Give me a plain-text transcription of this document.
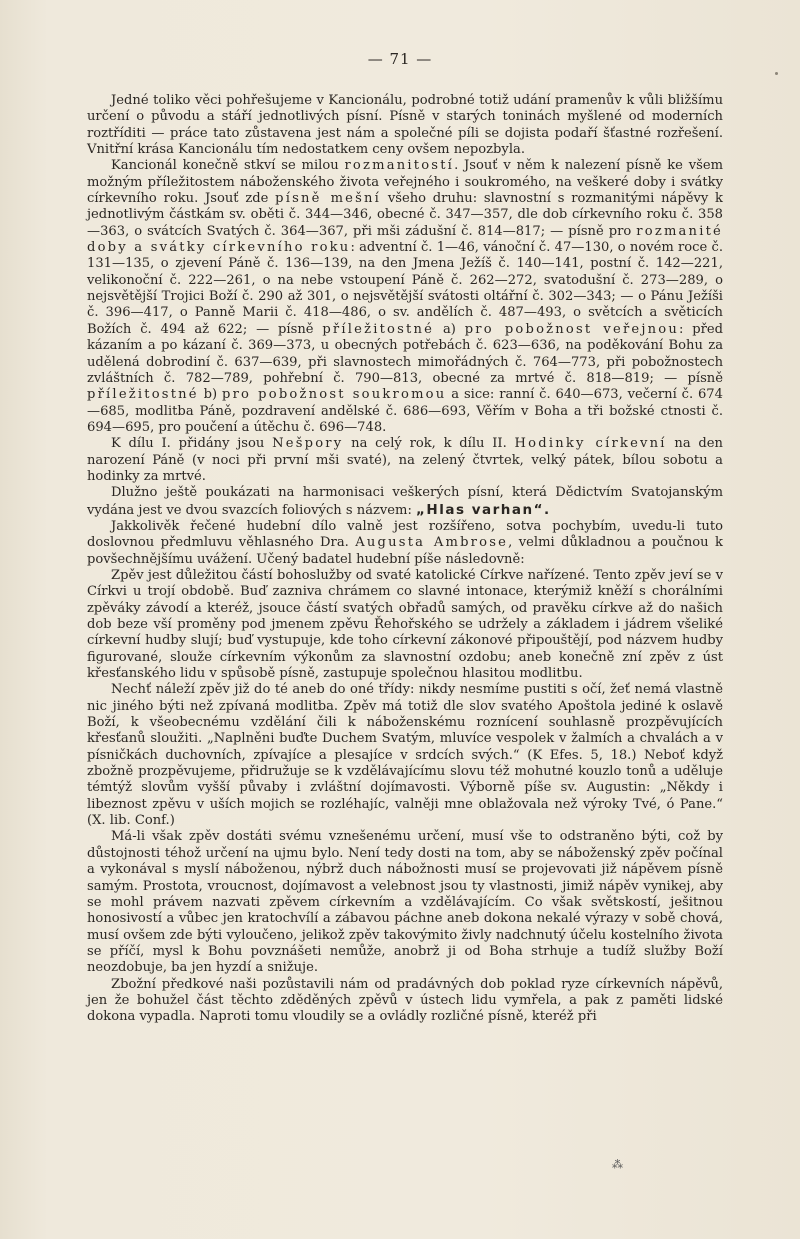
— 71 —

Jedné toliko věci pohřešujeme v Kancionálu, podrobné totiž udání pramenův k vůli bližšímu určení o původu a stáří jednotlivých písní. Písně v starých toninách myšlené od moderních roztříditi — práce tato zůstavena jest nám a společné píli se dojista podaří šťastné rozřešení. Vnitřní krása Kancionálu tím nedostatkem ceny ovšem nepozbyla.

Kancionál konečně stkví se milou rozmanitostí. Jsouť v něm k nalezení písně ke všem možným příležitostem náboženského života veřejného i soukromého, na veškeré doby i svátky církevního roku. Jsouť zde písně mešní všeho druhu: slavnostní s rozmanitými nápěvy k jednotlivým částkám sv. oběti č. 344—346, obecné č. 347—357, dle dob církevního roku č. 358—363, o svátcích Svatých č. 364—367, při mši zádušní č. 814—817; — písně pro rozmanité doby a svátky církevního roku: adventní č. 1—46, vánoční č. 47—130, o novém roce č. 131—135, o zjevení Páně č. 136—139, na den Jmena Ježíš č. 140—141, postní č. 142—221, velikonoční č. 222—261, o na nebe vstoupení Páně č. 262—272, svatodušní č. 273—289, o nejsvětější Trojici Boží č. 290 až 301, o nejsvětější svátosti oltářní č. 302—343; — o Pánu Ježíši č. 396—417, o Panně Marii č. 418—486, o sv. andělích č. 487—493, o světcích a světicích Božích č. 494 až 622; — písně příležitostné a) pro pobožnost veřejnou: před kázaním a po kázaní č. 369—373, u obecných potřebách č. 623—636, na poděkování Bohu za udělená dobrodiní č. 637—639, při slavnostech mimořádných č. 764—773, při pobožnostech zvláštních č. 782—789, pohřební č. 790—813, obecné za mrtvé č. 818—819; — písně příležitostné b) pro pobožnost soukromou a sice: ranní č. 640—673, večerní č. 674—685, modlitba Páně, pozdravení andělské č. 686—693, Věřím v Boha a tři božské ctnosti č. 694—695, pro poučení a útěchu č. 696—748.

K dílu I. přidány jsou Nešpory na celý rok, k dílu II. Hodinky církevní na den narození Páně (v noci při první mši svaté), na zelený čtvrtek, velký pátek, bílou sobotu a hodinky za mrtvé.

Dlužno ještě poukázati na harmonisaci veškerých písní, která Dědictvím Svatojanským vydána jest ve dvou svazcích foliových s názvem: „Hlas varhan“.

Jakkolivěk řečené hudební dílo valně jest rozšířeno, sotva pochybím, uvedu-li tuto doslovnou předmluvu věhlasného Dra. Augusta Ambrose, velmi důkladnou a poučnou k povšechnějšímu uvážení. Učený badatel hudební píše následovně:

Zpěv jest důležitou částí bohoslužby od svaté katolické Církve nařízené. Tento zpěv jeví se v Církvi u trojí obdobě. Buď zazniva chrámem co slavné intonace, kterýmiž kněží s chorálními zpěváky závodí a kteréž, jsouce částí svatých obřadů samých, od pravěku církve až do našich dob beze vší proměny pod jmenem zpěvu Řehořského se udržely a základem i jádrem všeliké církevní hudby slují; buď vystupuje, kde toho církevní zákonové připouštějí, pod názvem hudby figurované, slouže církevním výkonům za slavnostní ozdobu; aneb konečně zní zpěv z úst křesťanského lidu v spůsobě písně, zastupuje společnou hlasitou modlitbu.

Nechť náleží zpěv již do té aneb do oné třídy: nikdy nesmíme pustiti s očí, žeť nemá vlastně nic jiného býti než zpívaná modlitba. Zpěv má totiž dle slov svatého Apoštola jediné k oslavě Boží, k všeobecnému vzdělání čili k náboženskému roznícení souhlasně prozpěvujících křesťanů sloužiti. „Naplněni buďte Duchem Svatým, mluvíce vespolek v žalmích a chvalách a v písničkách duchovních, zpívajíce a plesajíce v srdcích svých.“ (K Efes. 5, 18.) Neboť když zbožně prozpěvujeme, přidružuje se k vzdělávajícímu slovu též mohutné kouzlo tonů a uděluje témtýž slovům vyšší půvaby i zvláštní dojímavosti. Výborně píše sv. Augustin: „Někdy i libeznost zpěvu v uších mojich se rozléhajíc, valněji mne oblažovala než výroky Tvé, ó Pane.“ (X. lib. Conf.)

Má-li však zpěv dostáti svému vznešenému určení, musí vše to odstraněno býti, což by důstojnosti téhož určení na ujmu bylo. Není tedy dosti na tom, aby se náboženský zpěv počínal a vykonával s myslí náboženou, nýbrž duch nábožnosti musí se projevovati již nápěvem písně samým. Prostota, vroucnost, dojímavost a velebnost jsou ty vlastnosti, jimiž nápěv vynikej, aby se mohl právem nazvati zpěvem církevním a vzdělávajícím. Co však světskostí, ješitnou honosivostí a vůbec jen kratochvílí a zábavou páchne aneb dokona nekalé výrazy v sobě chová, musí ovšem zde býti vyloučeno, jelikož zpěv takovýmito živly nadchnutý účelu kostelního života se příčí, mysl k Bohu povznášeti nemůže, anobrž ji od Boha strhuje a tudíž služby Boží neozdobuje, ba jen hyzdí a snižuje.

Zbožní předkové naši pozůstavili nám od pradávných dob poklad ryze církevních nápěvů, jen že bohužel část těchto zděděných zpěvů v ústech lidu vymřela, a pak z paměti lidské dokona vypadla. Naproti tomu vloudily se a ovládly rozličné písně, kteréž při

⁂
